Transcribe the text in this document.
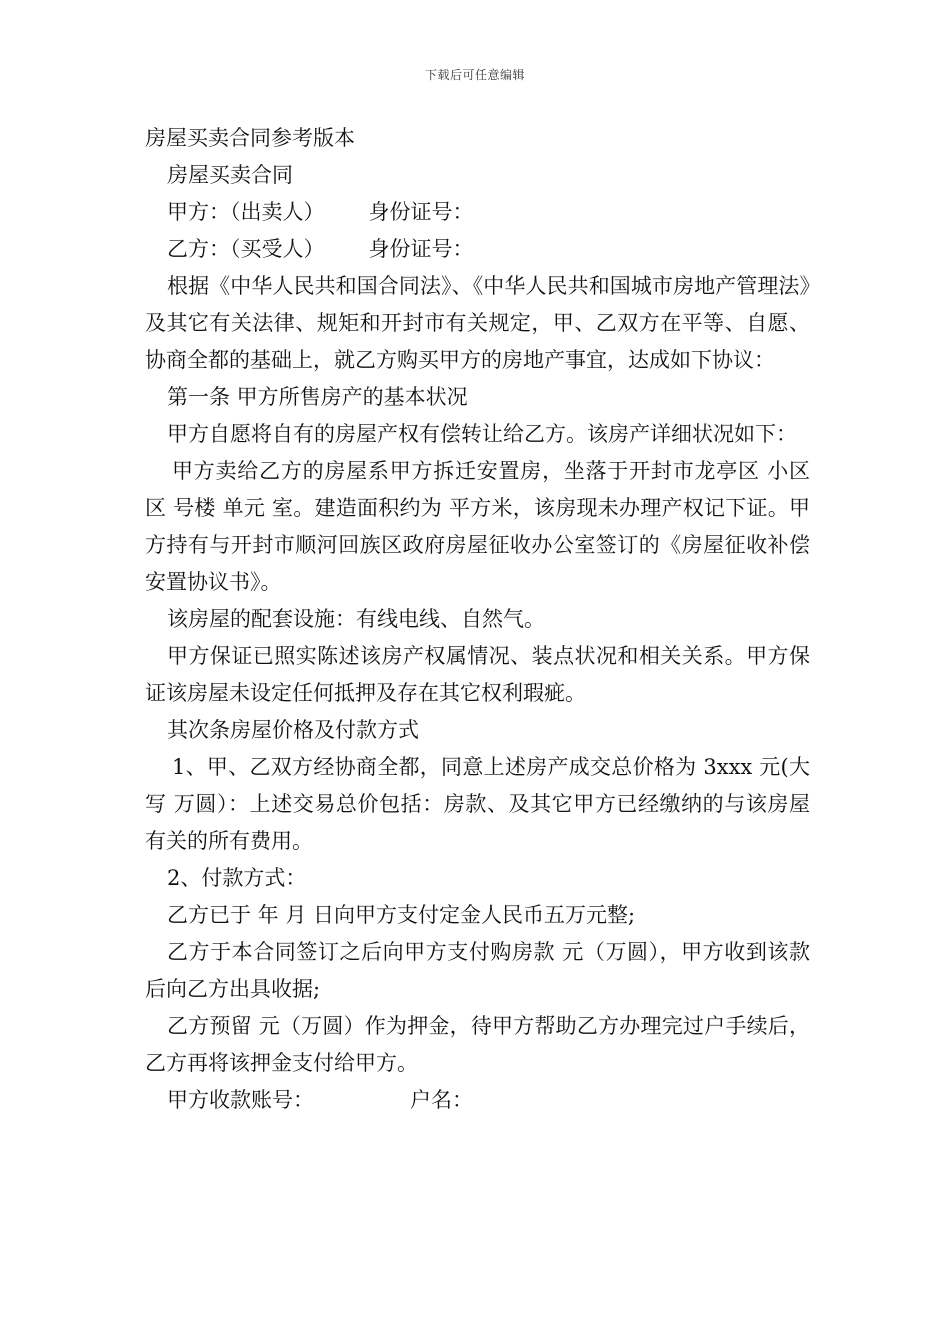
下载后可任意编辑
房屋买卖合同参考版本
房屋买卖合同
甲方：（出卖人） 身份证号：
乙方：（买受人） 身份证号：

根据《中华人民共和国合同法》、《中华人民共和国城市房地产管理法》及其它有关法律、规矩和开封市有关规定，甲、乙双方在平等、自愿、协商全都的基础上，就乙方购买甲方的房地产事宜，达成如下协议：

第一条 甲方所售房产的基本状况

甲方自愿将自有的房屋产权有偿转让给乙方。该房产详细状况如下：

甲方卖给乙方的房屋系甲方拆迁安置房，坐落于开封市龙亭区 小区 区 号楼 单元 室。建造面积约为 平方米，该房现未办理产权记下证。甲方持有与开封市顺河回族区政府房屋征收办公室签订的《房屋征收补偿安置协议书》。

该房屋的配套设施：有线电线、自然气。

甲方保证已照实陈述该房产权属情况、装点状况和相关关系。甲方保证该房屋未设定任何抵押及存在其它权利瑕疵。

其次条房屋价格及付款方式

1、甲、乙双方经协商全都，同意上述房产成交总价格为 3xxx 元(大写 万圆）：上述交易总价包括：房款、及其它甲方已经缴纳的与该房屋有关的所有费用。

2、付款方式：

乙方已于 年 月 日向甲方支付定金人民币五万元整;

乙方于本合同签订之后向甲方支付购房款 元（万圆），甲方收到该款后向乙方出具收据;

乙方预留 元（万圆）作为押金，待甲方帮助乙方办理完过户手续后，乙方再将该押金支付给甲方。

甲方收款账号：	户名：
